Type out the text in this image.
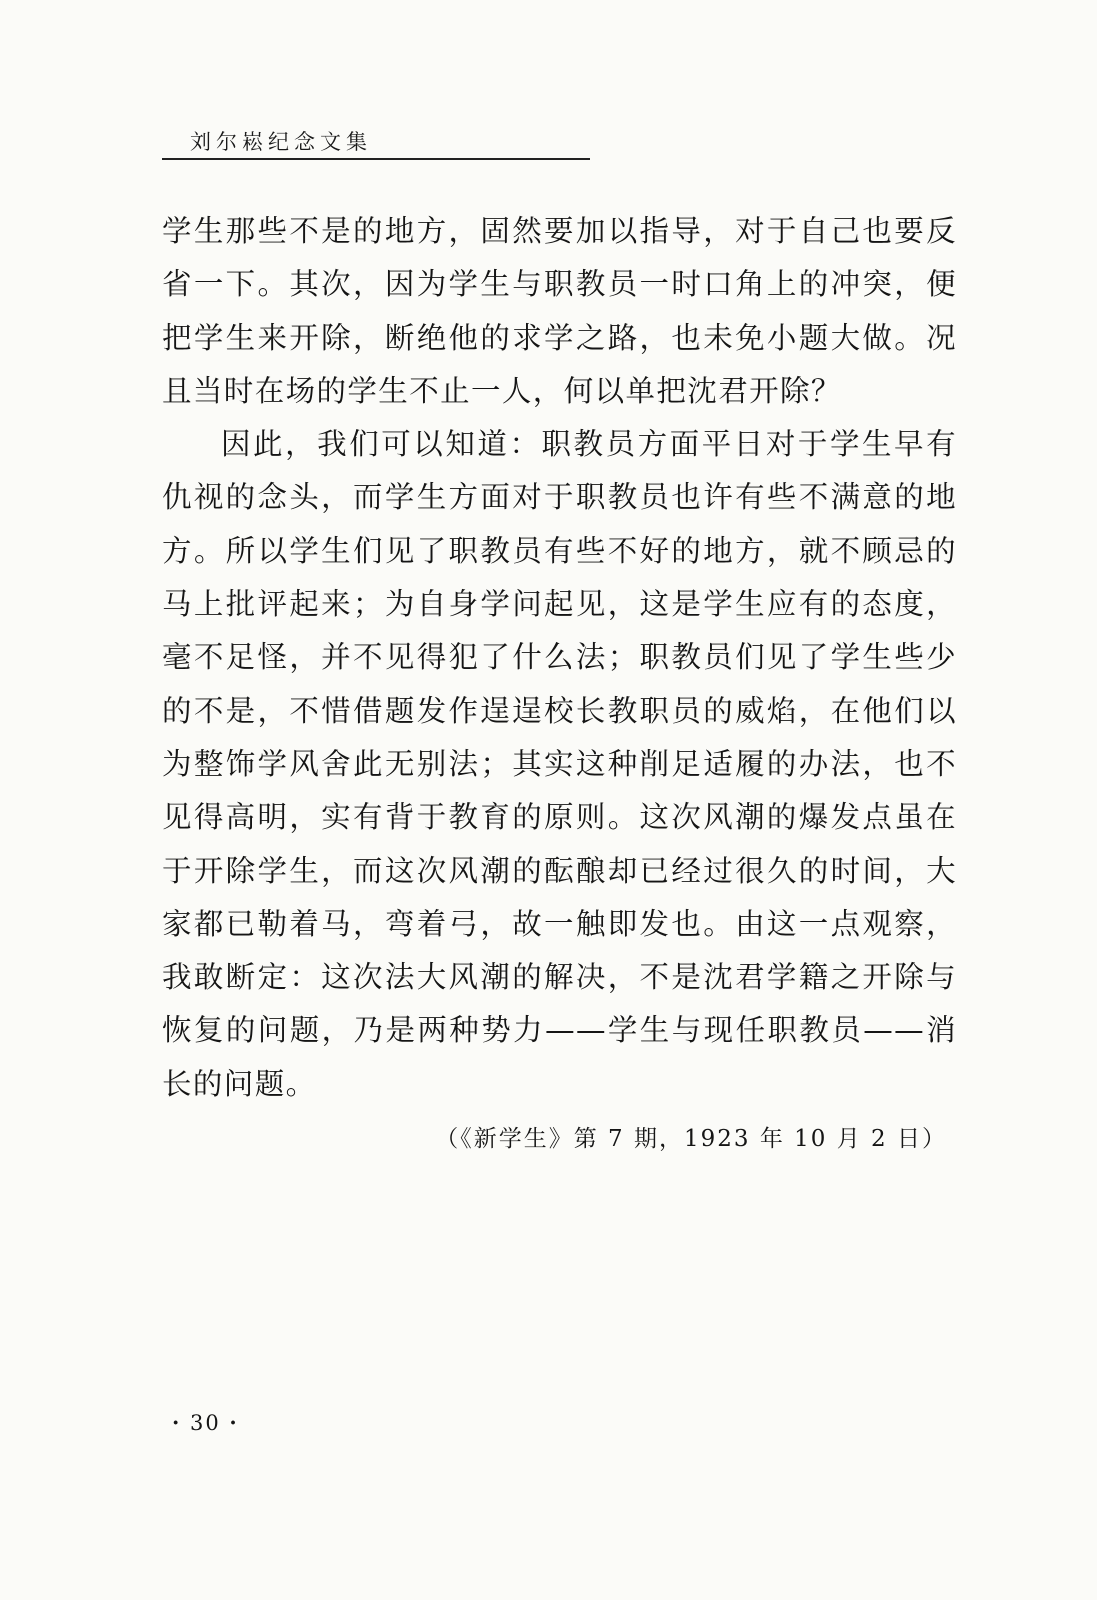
刘尔崧纪念文集

学生那些不是的地方，固然要加以指导，对于自己也要反省一下。其次，因为学生与职教员一时口角上的冲突，便把学生来开除，断绝他的求学之路，也未免小题大做。况且当时在场的学生不止一人，何以单把沈君开除？

因此，我们可以知道：职教员方面平日对于学生早有仇视的念头，而学生方面对于职教员也许有些不满意的地方。所以学生们见了职教员有些不好的地方，就不顾忌的马上批评起来；为自身学问起见，这是学生应有的态度，毫不足怪，并不见得犯了什么法；职教员们见了学生些少的不是，不惜借题发作逞逞校长教职员的威焰，在他们以为整饰学风舍此无别法；其实这种削足适履的办法，也不见得高明，实有背于教育的原则。这次风潮的爆发点虽在于开除学生，而这次风潮的酝酿却已经过很久的时间，大家都已勒着马，弯着弓，故一触即发也。由这一点观察，我敢断定：这次法大风潮的解决，不是沈君学籍之开除与恢复的问题，乃是两种势力——学生与现任职教员——消长的问题。

（《新学生》第 7 期，1923 年 10 月 2 日）
· 30 ·
